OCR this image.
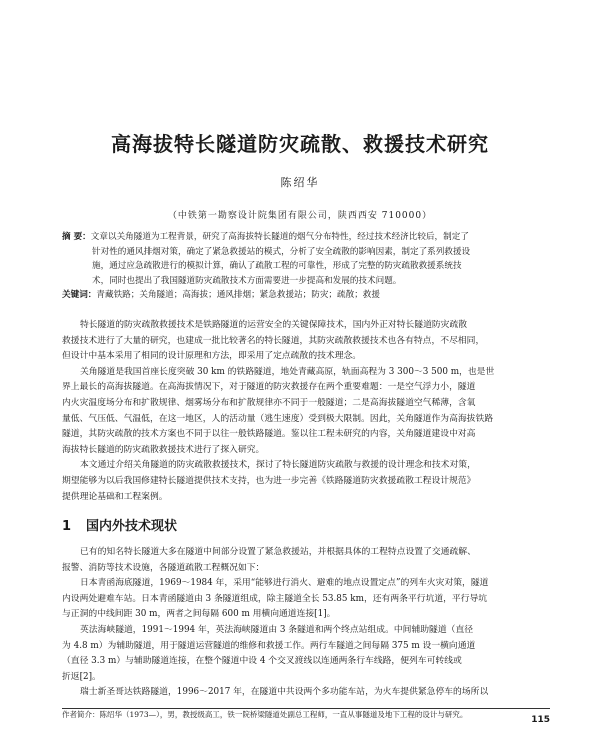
高海拔特长隧道防灾疏散、救援技术研究
陈绍华
（中铁第一勘察设计院集团有限公司，陕西西安 710000）
摘 要：文章以关角隧道为工程背景，研究了高海拔特长隧道的烟气分布特性，经过技术经济比较后，制定了
针对性的通风排烟对策，确定了紧急救援站的模式，分析了安全疏散的影响因素，制定了系列救援设
施，通过应急疏散进行的模拟计算，确认了疏散工程的可靠性，形成了完整的防灾疏散救援系统技
术，同时也提出了我国隧道防灾疏散技术方面需要进一步提高和发展的技术问题。
关键词：青藏铁路；关角隧道；高海拔；通风排烟；紧急救援站；防灾；疏散；救援
特长隧道的防灾疏散救援技术是铁路隧道的运营安全的关键保障技术，国内外正对特长隧道防灾疏散
救援技术进行了大量的研究，也建成一批比较著名的特长隧道，其防灾疏散救援技术也各有特点，不尽相同，
但设计中基本采用了相同的设计原理和方法，即采用了定点疏散的技术理念。
关角隧道是我国首座长度突破 30 km 的铁路隧道，地处青藏高原，轨面高程为 3 300～3 500 m，也是世
界上最长的高海拔隧道。在高海拔情况下，对于隧道的防灾救援存在两个重要难题：一是空气浮力小，隧道
内火灾温度场分布和扩散规律、烟雾场分布和扩散规律亦不同于一般隧道；二是高海拔隧道空气稀薄，含氧
量低、气压低、气温低，在这一地区，人的活动量（逃生速度）受到极大限制。因此，关角隧道作为高海拔铁路
隧道，其防灾疏散的技术方案也不同于以往一般铁路隧道。鉴以往工程未研究的内容，关角隧道建设中对高
海拔特长隧道的防灾疏散救援技术进行了探入研究。
本文通过介绍关角隧道的防灾疏散救援技术，探讨了特长隧道防灾疏散与救援的设计理念和技术对策，
期望能够为以后我国修建特长隧道提供技术支持，也为进一步完善《铁路隧道防灾救援疏散工程设计规范》
提供理论基础和工程案例。
1 国内外技术现状
已有的知名特长隧道大多在隧道中间部分设置了紧急救援站，并根据具体的工程特点设置了交通疏解、
报警、消防等技术设施，各隧道疏散工程概况如下：
日本青函海底隧道，1969～1984 年，采用“能够进行消火、避难的地点设置定点”的列车火灾对策，隧道
内设两处避难车站。日本青函隧道由 3 条隧道组成，除主隧道全长 53.85 km，还有两条平行坑道，平行导坑
与正洞的中线间距 30 m，两者之间每隔 600 m 用横向通道连接[1]。
英法海峡隧道，1991～1994 年，英法海峡隧道由 3 条隧道和两个终点站组成。中间辅助隧道（直径
为 4.8 m）为辅助隧道，用于隧道运营隧道的维修和救援工作。两行车隧道之间每隔 375 m 设一横向通道
（直径 3.3 m）与辅助隧道连接，在整个隧道中设 4 个交叉渡线以连通两条行车线路，便列车可转线或
折返[2]。
瑞士新圣哥达铁路隧道，1996～2017 年，在隧道中共设两个多功能车站，为火车提供紧急停车的场所以
作者简介：陈绍华（1973—），男，教授级高工，铁一院桥梁隧道处副总工程师，一直从事隧道及地下工程的设计与研究。
115
